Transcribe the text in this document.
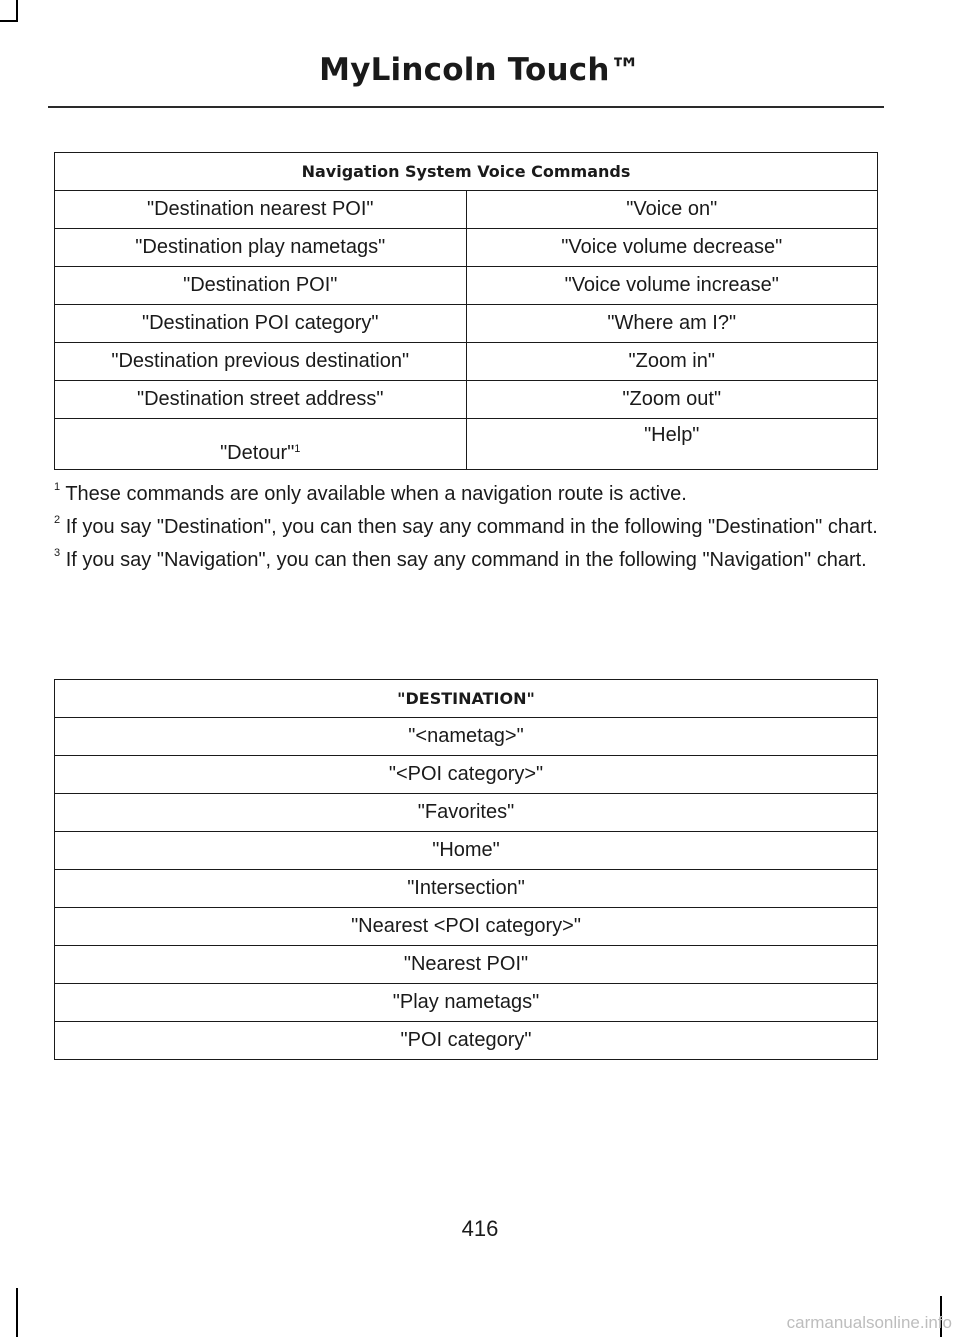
MyLincoln Touch™
Navigation System Voice Commands	
"Destination nearest POI"	"Voice on"
"Destination play nametags"	"Voice volume decrease"
"Destination POI"	"Voice volume increase"
"Destination POI category"	"Where am I?"
"Destination previous destination"	"Zoom in"
"Destination street address"	"Zoom out"
"Detour"$^1$	"Help"

$^1$ These commands are only available when a navigation route is active.

$^2$ If you say "Destination", you can then say any command in the following "Destination" chart.

$^3$ If you say "Navigation", you can then say any command in the following "Navigation" chart.

"DESTINATION"
"<nametag>"
"<POI category>"
"Favorites"
"Home"
"Intersection"
"Nearest <POI category>"
"Nearest POI"
"Play nametags"
"POI category"
416
carmanualsonline.info
